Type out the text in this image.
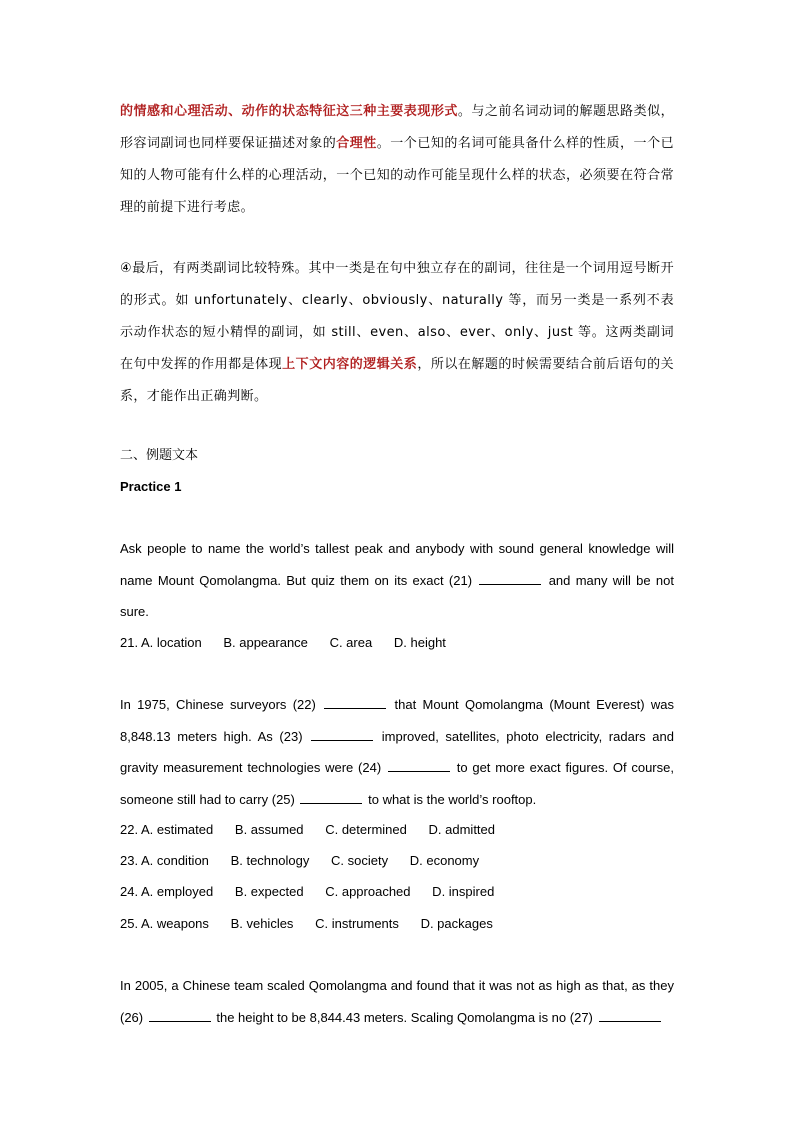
的情感和心理活动、动作的状态特征这三种主要表现形式。与之前名词动词的解题思路类似，形容词副词也同样要保证描述对象的合理性。一个已知的名词可能具备什么样的性质，一个已知的人物可能有什么样的心理活动，一个已知的动作可能呈现什么样的状态，必须要在符合常理的前提下进行考虑。
④最后，有两类副词比较特殊。其中一类是在句中独立存在的副词，往往是一个词用逗号断开的形式。如 unfortunately、clearly、obviously、naturally 等，而另一类是一系列不表示动作状态的短小精悍的副词，如 still、even、also、ever、only、just 等。这两类副词在句中发挥的作用都是体现上下文内容的逻辑关系，所以在解题的时候需要结合前后语句的关系，才能作出正确判断。
二、例题文本
Practice 1
Ask people to name the world’s tallest peak and anybody with sound general knowledge will name Mount Qomolangma. But quiz them on its exact (21)	and many will be not sure.
21. A. location      B. appearance      C. area      D. height
In 1975, Chinese surveyors (22)	that Mount Qomolangma (Mount Everest) was 8,848.13 meters high. As (23)	improved, satellites, photo electricity, radars and gravity measurement technologies were (24)	to get more exact figures. Of course, someone still had to carry (25)	to what is the world’s rooftop.
22. A. estimated      B. assumed      C. determined      D. admitted
23. A. condition      B. technology      C. society      D. economy
24. A. employed      B. expected      C. approached      D. inspired
25. A. weapons      B. vehicles      C. instruments      D. packages
In 2005, a Chinese team scaled Qomolangma and found that it was not as high as that, as they (26)	the height to be 8,844.43 meters. Scaling Qomolangma is no (27)
